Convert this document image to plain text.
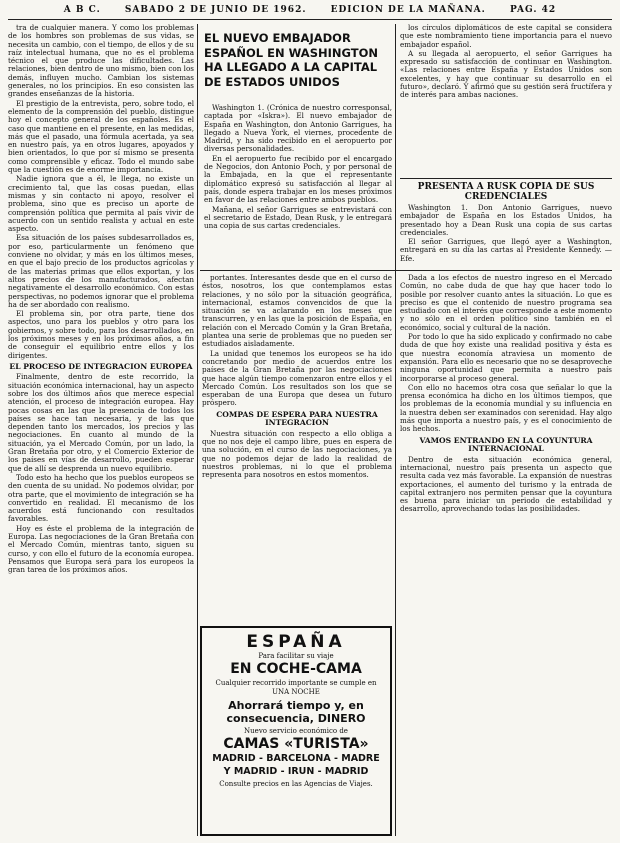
A B C.	SABADO 2 DE JUNIO DE 1962.	EDICION DE LA MAÑANA.	PAG. 42

tra de cualquier manera. Y como los problemas de los hombres son problemas de sus vidas, se necesita un cambio, con el tiempo, de ellos y de su raíz intelectual humana, que no es el problema técnico el que produce las dificultades. Las relaciones, bien dentro de uno mismo, bien con los demás, influyen mucho. Cambian los sistemas generales, no los principios. En eso consisten las grandes enseñanzas de la historia.

El prestigio de la entrevista, pero, sobre todo, el elemento de la comprensión del pueblo, distingue hoy el concepto general de los españoles. Es el caso que mantiene en el presente, en las medidas, más que el pasado, una fórmula acertada, ya sea en nuestro país, ya en otros lugares, apoyados y bien orientados, lo que por sí mismo se presenta como comprensible y eficaz. Todo el mundo sabe que la cuestión es de enorme importancia.

Nadie ignora que a él, le llega, no existe un crecimiento tal, que las cosas puedan, ellas mismas y sin contacto ni apoyo, resolver el problema, sino que es preciso un aporte de comprensión política que permita al país vivir de acuerdo con un sentido realista y actual en este aspecto.

Esa situación de los países subdesarrollados es, por eso, particularmente un fenómeno que conviene no olvidar, y más en los últimos meses, en que el bajo precio de los productos agrícolas y de las materias primas que ellos exportan, y los altos precios de los manufacturados, afectan negativamente el desarrollo económico. Con estas perspectivas, no podemos ignorar que el problema ha de ser abordado con realismo.

El problema sin, por otra parte, tiene dos aspectos, uno para los pueblos y otro para los gobiernos, y sobre todo, para los desarrollados, en los próximos meses y en los próximos años, a fin de conseguir el equilibrio entre ellos y los dirigentes.

EL PROCESO DE INTEGRACION EUROPEA

Finalmente, dentro de este recorrido, la situación económica internacional, hay un aspecto sobre los dos últimos años que merece especial atención, el proceso de integración europea. Hay pocas cosas en las que la presencia de todos los países se hace tan necesaria, y de las que dependen tanto los mercados, los precios y las negociaciones. En cuanto al mundo de la situación, ya el Mercado Común, por un lado, la Gran Bretaña por otro, y el Comercio Exterior de los países en vías de desarrollo, pueden esperar que de allí se desprenda un nuevo equilibrio.

Todo esto ha hecho que los pueblos europeos se den cuenta de su unidad. No podemos olvidar, por otra parte, que el movimiento de integración se ha convertido en realidad. El mecanismo de los acuerdos está funcionando con resultados favorables.

Hoy es éste el problema de la integración de Europa. Las negociaciones de la Gran Bretaña con el Mercado Común, mientras tanto, siguen su curso, y con ello el futuro de la economía europea. Pensamos que Europa será para los europeos la gran tarea de los próximos años.

EL NUEVO EMBAJADOR ESPAÑOL EN WASHINGTON HA LLEGADO A LA CAPITAL DE ESTADOS UNIDOS

Washington 1. (Crónica de nuestro corresponsal, captada por «Iskra»). El nuevo embajador de España en Washington, don Antonio Garrigues, ha llegado a Nueva York, el viernes, procedente de Madrid, y ha sido recibido en el aeropuerto por diversas personalidades.

En el aeropuerto fue recibido por el encargado de Negocios, don Antonio Poch, y por personal de la Embajada, en la que el representante diplomático expresó su satisfacción al llegar al país, donde espera trabajar en los meses próximos en favor de las relaciones entre ambos pueblos.

Mañana, el señor Garrigues se entrevistará con el secretario de Estado, Dean Rusk, y le entregará una copia de sus cartas credenciales.

portantes. Interesantes desde que en el curso de éstos, nosotros, los que contemplamos estas relaciones, y no sólo por la situación geográfica, internacional, estamos convencidos de que la situación se va aclarando en los meses que transcurren, y en las que la posición de España, en relación con el Mercado Común y la Gran Bretaña, plantea una serie de problemas que no pueden ser estudiados aisladamente.

La unidad que tenemos los europeos se ha ido concretando por medio de acuerdos entre los países de la Gran Bretaña por las negociaciones que hace algún tiempo comenzaron entre ellos y el Mercado Común. Los resultados son los que se esperaban de una Europa que desea un futuro próspero.

COMPAS DE ESPERA PARA NUESTRA INTEGRACION

Nuestra situación con respecto a ello obliga a que no nos deje el campo libre, pues en espera de una solución, en el curso de las negociaciones, ya que no podemos dejar de lado la realidad de nuestros problemas, ni lo que el problema representa para nosotros en estos momentos.

ESPAÑA
Para facilitar su viaje
EN COCHE-CAMA
Cualquier recorrido importante se cumple en UNA NOCHE
Ahorrará tiempo y, en consecuencia, DINERO
Nuevo servicio económico de
CAMAS «TURISTA»
MADRID - BARCELONA - MADRE
Y MADRID - IRUN - MADRID
Consulte precios en las Agencias de Viajes.

los círculos diplomáticos de este capital se considera que este nombramiento tiene importancia para el nuevo embajador español.

A su llegada al aeropuerto, el señor Garrigues ha expresado su satisfacción de continuar en Washington. «Las relaciones entre España y Estados Unidos son excelentes, y hay que continuar su desarrollo en el futuro», declaró. Y afirmó que su gestión será fructífera y de interés para ambas naciones.

PRESENTA A RUSK COPIA DE SUS CREDENCIALES

Washington 1. Don Antonio Garrigues, nuevo embajador de España en los Estados Unidos, ha presentado hoy a Dean Rusk una copia de sus cartas credenciales.

El señor Garrigues, que llegó ayer a Washington, entregará en su día las cartas al Presidente Kennedy. — Efe.

Dada a los efectos de nuestro ingreso en el Mercado Común, no cabe duda de que hay que hacer todo lo posible por resolver cuanto antes la situación. Lo que es preciso es que el contenido de nuestro programa sea estudiado con el interés que corresponde a este momento y no sólo en el orden político sino también en el económico, social y cultural de la nación.

Por todo lo que ha sido explicado y confirmado no cabe duda de que hoy existe una realidad positiva y ésta es que nuestra economía atraviesa un momento de expansión. Para ello es necesario que no se desaproveche ninguna oportunidad que permita a nuestro país incorporarse al proceso general.

Con ello no hacemos otra cosa que señalar lo que la prensa económica ha dicho en los últimos tiempos, que los problemas de la economía mundial y su influencia en la nuestra deben ser examinados con serenidad. Hay algo más que importa a nuestro país, y es el conocimiento de los hechos.

VAMOS ENTRANDO EN LA COYUNTURA INTERNACIONAL

Dentro de esta situación económica general, internacional, nuestro país presenta un aspecto que resulta cada vez más favorable. La expansión de nuestras exportaciones, el aumento del turismo y la entrada de capital extranjero nos permiten pensar que la coyuntura es buena para iniciar un periodo de estabilidad y desarrollo, aprovechando todas las posibilidades.
